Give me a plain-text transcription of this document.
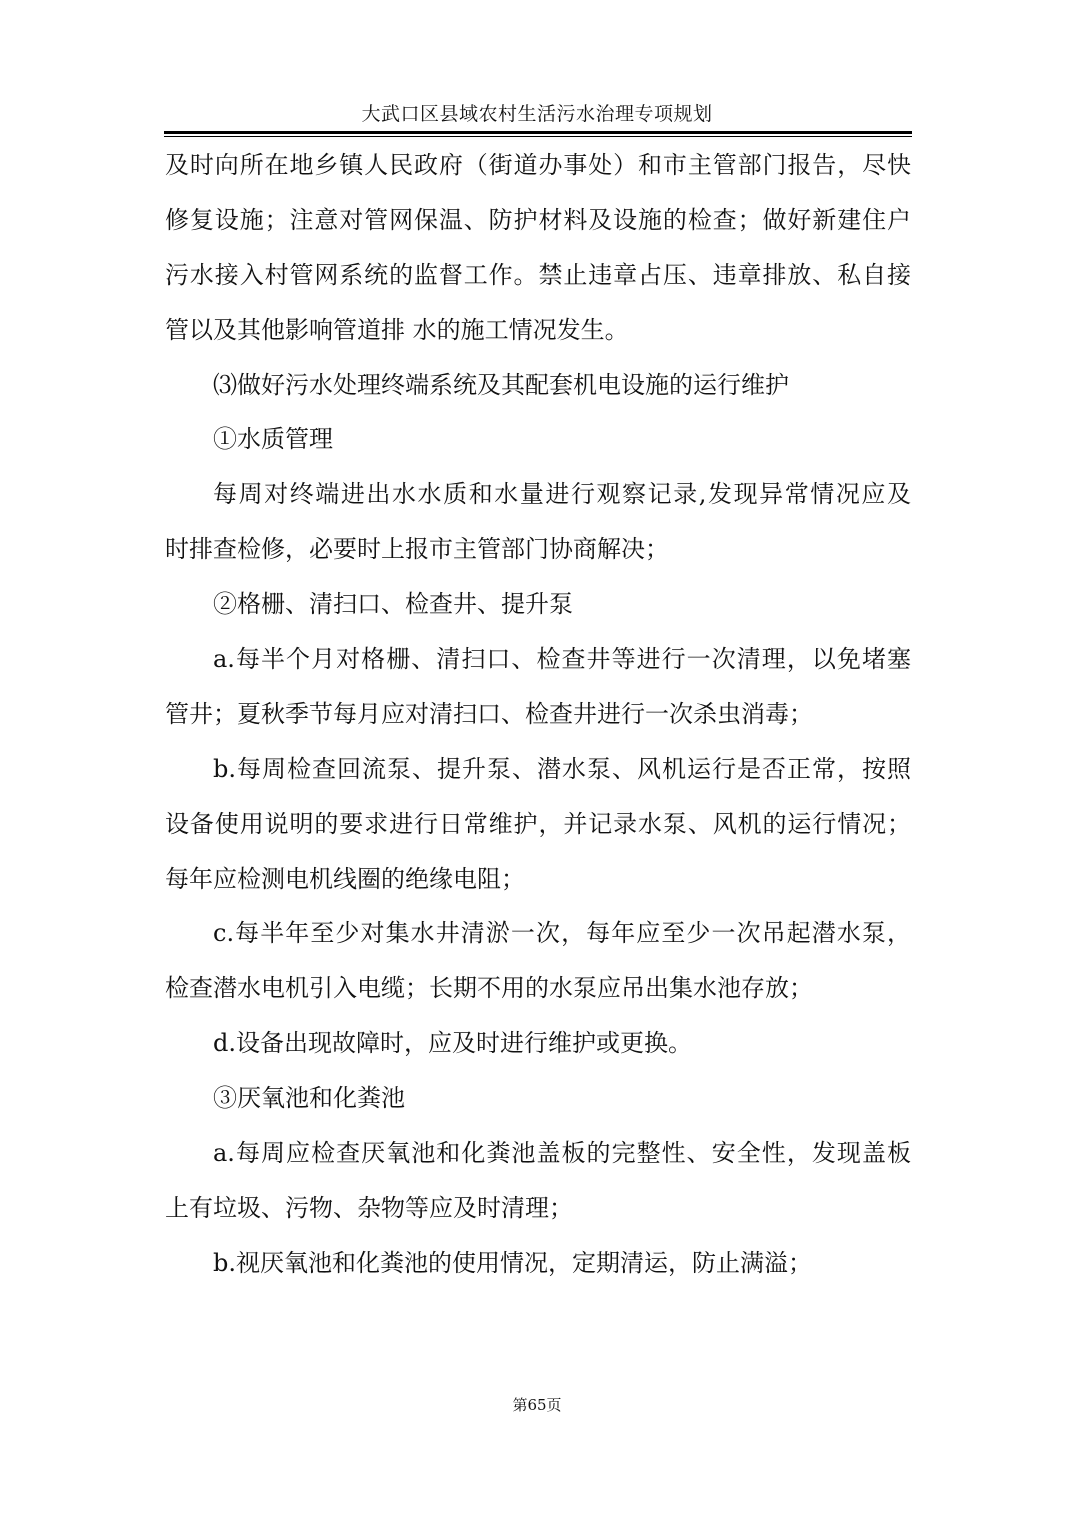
大武口区县域农村生活污水治理专项规划
及时向所在地乡镇人民政府（街道办事处）和市主管部门报告，尽快
修复设施；注意对管网保温、防护材料及设施的检查；做好新建住户
污水接入村管网系统的监督工作。禁止违章占压、违章排放、私自接
管以及其他影响管道排 水的施工情况发生。
⑶做好污水处理终端系统及其配套机电设施的运行维护
①水质管理
每周对终端进出水水质和水量进行观察记录,发现异常情况应及
时排查检修，必要时上报市主管部门协商解决；
②格栅、清扫口、检查井、提升泵
a.每半个月对格栅、清扫口、检查井等进行一次清理，以免堵塞
管井；夏秋季节每月应对清扫口、检查井进行一次杀虫消毒；
b.每周检查回流泵、提升泵、潜水泵、风机运行是否正常，按照
设备使用说明的要求进行日常维护，并记录水泵、风机的运行情况；
每年应检测电机线圈的绝缘电阻；
c.每半年至少对集水井清淤一次，每年应至少一次吊起潜水泵，
检查潜水电机引入电缆；长期不用的水泵应吊出集水池存放；
d.设备出现故障时，应及时进行维护或更换。
③厌氧池和化粪池
a.每周应检查厌氧池和化粪池盖板的完整性、安全性，发现盖板
上有垃圾、污物、杂物等应及时清理；
b.视厌氧池和化粪池的使用情况，定期清运，防止满溢；
第65页
